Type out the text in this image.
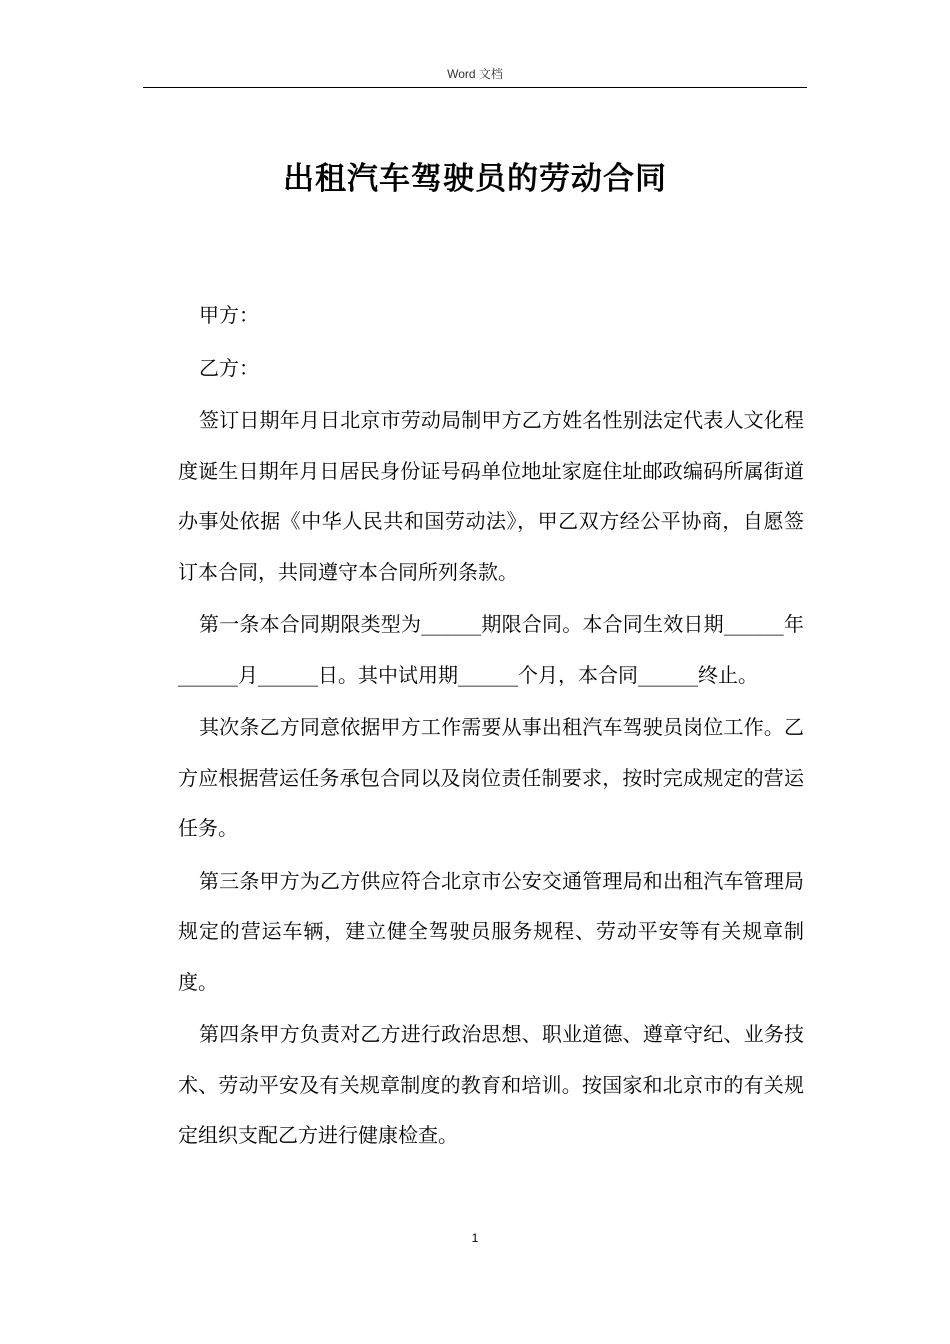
Word 文档
出租汽车驾驶员的劳动合同

甲方：

乙方：

签订日期年月日北京市劳动局制甲方乙方姓名性别法定代表人文化程度诞生日期年月日居民身份证号码单位地址家庭住址邮政编码所属街道办事处依据《中华人民共和国劳动法》，甲乙双方经公平协商，自愿签订本合同，共同遵守本合同所列条款。

第一条本合同期限类型为______期限合同。本合同生效日期______年______月______日。其中试用期______个月，本合同______终止。

其次条乙方同意依据甲方工作需要从事出租汽车驾驶员岗位工作。乙方应根据营运任务承包合同以及岗位责任制要求，按时完成规定的营运任务。

第三条甲方为乙方供应符合北京市公安交通管理局和出租汽车管理局规定的营运车辆，建立健全驾驶员服务规程、劳动平安等有关规章制度。

第四条甲方负责对乙方进行政治思想、职业道德、遵章守纪、业务技术、劳动平安及有关规章制度的教育和培训。按国家和北京市的有关规定组织支配乙方进行健康检查。

1
